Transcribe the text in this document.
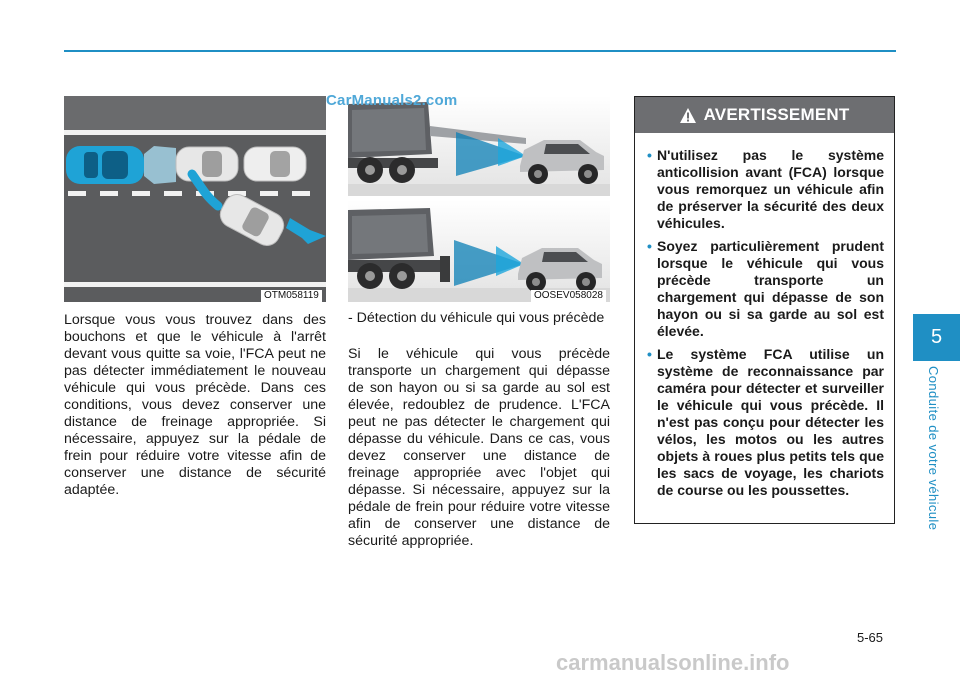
OTM058119	OOSEV058028
CarManuals2.com

Lorsque vous vous trouvez dans des bouchons et que le véhicule à l'arrêt devant vous quitte sa voie, l'FCA peut ne pas détecter immédiatement le nouveau véhicule qui vous précède. Dans ces conditions, vous devez conserver une distance de freinage appropriée. Si nécessaire, appuyez sur la pédale de frein pour réduire votre vitesse afin de conserver une distance de sécurité adaptée.

- Détection du véhicule qui vous précède

Si le véhicule qui vous précède transporte un chargement qui dépasse de son hayon ou si sa garde au sol est élevée, redoublez de prudence. L'FCA peut ne pas détecter le chargement qui dépasse du véhicule. Dans ce cas, vous devez conserver une distance de freinage appropriée avec l'objet qui dépasse. Si nécessaire, appuyez sur la pédale de frein pour réduire votre vitesse afin de conserver une distance de sécurité appropriée.

AVERTISSEMENT
• N'utilisez pas le système anticollision avant (FCA) lorsque vous remorquez un véhicule afin de préserver la sécurité des deux véhicules.
• Soyez particulièrement prudent lorsque le véhicule qui vous précède transporte un chargement qui dépasse de son hayon ou si sa garde au sol est élevée.
• Le système FCA utilise un système de reconnaissance par caméra pour détecter et surveiller le véhicule qui vous précède. Il n'est pas conçu pour détecter les vélos, les motos ou les autres objets à roues plus petits tels que les sacs de voyage, les chariots de course ou les poussettes.
5
Conduite de votre véhicule
5-65
carmanualsonline.info
